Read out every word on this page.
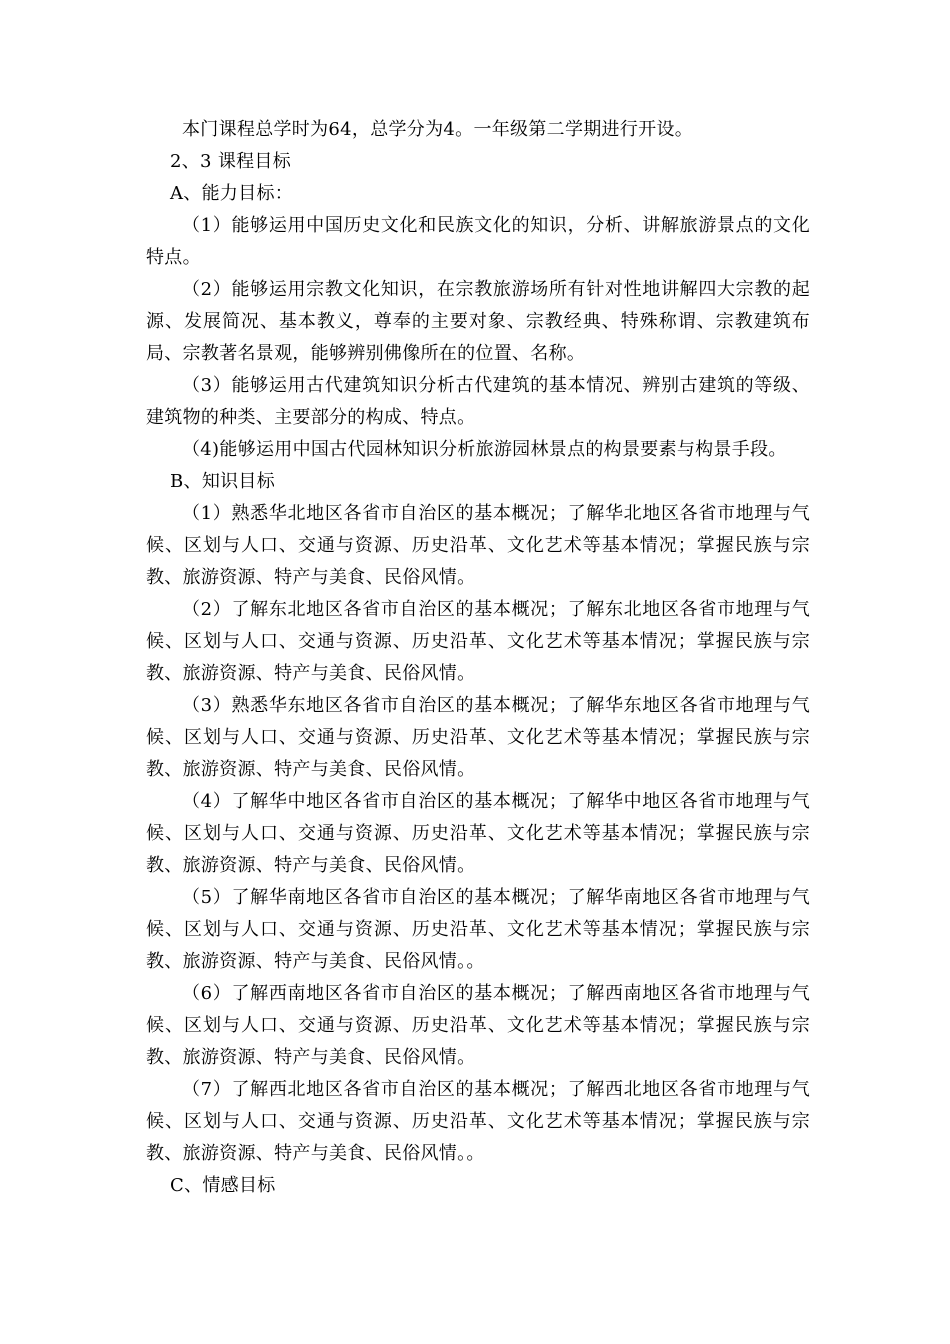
本门课程总学时为64，总学分为4。一年级第二学期进行开设。

2、3 课程目标

A、能力目标：

（1）能够运用中国历史文化和民族文化的知识，分析、讲解旅游景点的文化特点。

（2）能够运用宗教文化知识，在宗教旅游场所有针对性地讲解四大宗教的起源、发展简况、基本教义，尊奉的主要对象、宗教经典、特殊称谓、宗教建筑布局、宗教著名景观，能够辨别佛像所在的位置、名称。

（3）能够运用古代建筑知识分析古代建筑的基本情况、辨别古建筑的等级、建筑物的种类、主要部分的构成、特点。

（4)能够运用中国古代园林知识分析旅游园林景点的构景要素与构景手段。

B、知识目标

（1）熟悉华北地区各省市自治区的基本概况；了解华北地区各省市地理与气候、区划与人口、交通与资源、历史沿革、文化艺术等基本情况；掌握民族与宗教、旅游资源、特产与美食、民俗风情。

（2）了解东北地区各省市自治区的基本概况；了解东北地区各省市地理与气候、区划与人口、交通与资源、历史沿革、文化艺术等基本情况；掌握民族与宗教、旅游资源、特产与美食、民俗风情。

（3）熟悉华东地区各省市自治区的基本概况；了解华东地区各省市地理与气候、区划与人口、交通与资源、历史沿革、文化艺术等基本情况；掌握民族与宗教、旅游资源、特产与美食、民俗风情。

（4）了解华中地区各省市自治区的基本概况；了解华中地区各省市地理与气候、区划与人口、交通与资源、历史沿革、文化艺术等基本情况；掌握民族与宗教、旅游资源、特产与美食、民俗风情。

（5）了解华南地区各省市自治区的基本概况；了解华南地区各省市地理与气候、区划与人口、交通与资源、历史沿革、文化艺术等基本情况；掌握民族与宗教、旅游资源、特产与美食、民俗风情。。

（6）了解西南地区各省市自治区的基本概况；了解西南地区各省市地理与气候、区划与人口、交通与资源、历史沿革、文化艺术等基本情况；掌握民族与宗教、旅游资源、特产与美食、民俗风情。

（7）了解西北地区各省市自治区的基本概况；了解西北地区各省市地理与气候、区划与人口、交通与资源、历史沿革、文化艺术等基本情况；掌握民族与宗教、旅游资源、特产与美食、民俗风情。。

C、情感目标
